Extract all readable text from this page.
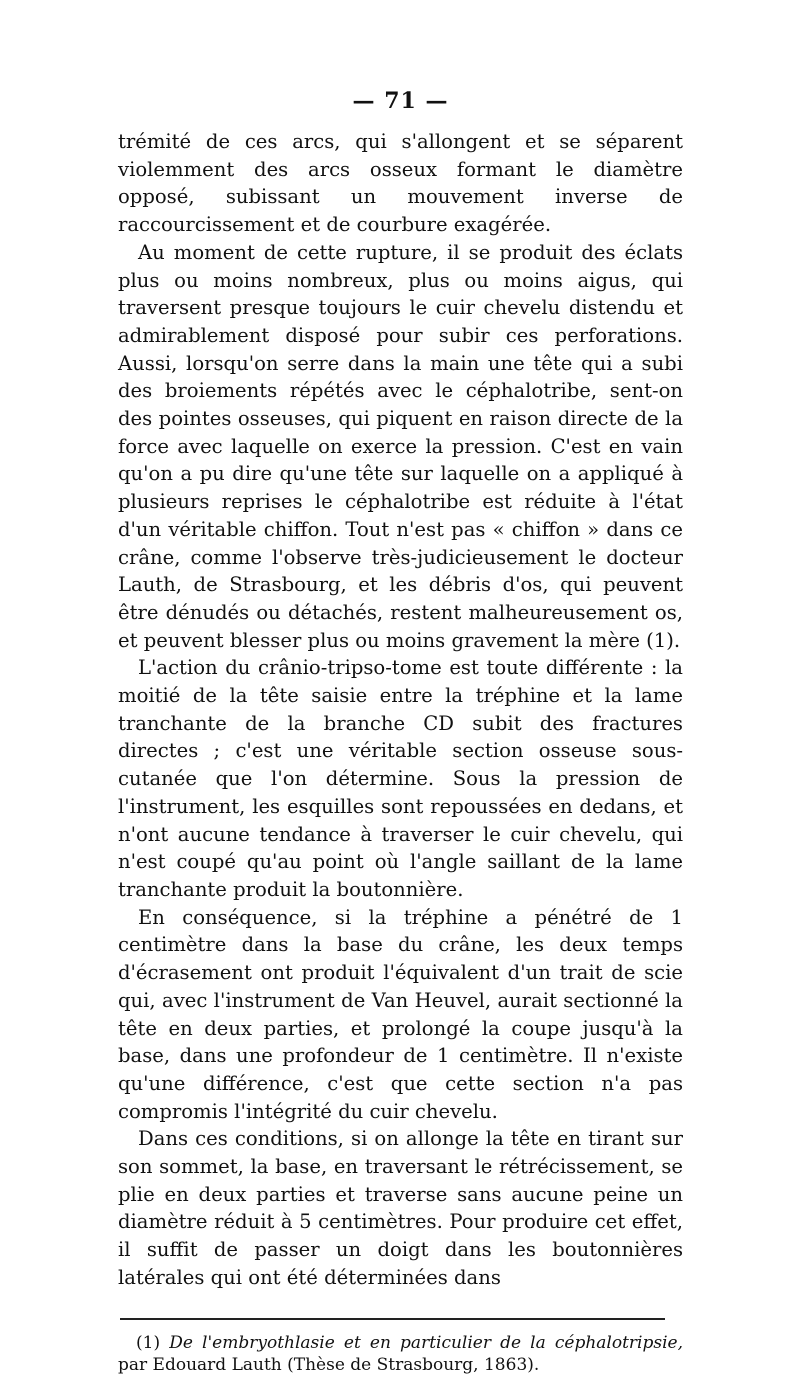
— 71 —

trémité de ces arcs, qui s'allongent et se séparent violemment des arcs osseux formant le diamètre opposé, subissant un mouvement inverse de raccourcissement et de courbure exagérée.

Au moment de cette rupture, il se produit des éclats plus ou moins nombreux, plus ou moins aigus, qui traversent presque toujours le cuir chevelu distendu et admirablement disposé pour subir ces perforations. Aussi, lorsqu'on serre dans la main une tête qui a subi des broiements répétés avec le céphalotribe, sent-on des pointes osseuses, qui piquent en raison directe de la force avec laquelle on exerce la pression. C'est en vain qu'on a pu dire qu'une tête sur laquelle on a appliqué à plusieurs reprises le céphalotribe est réduite à l'état d'un véritable chiffon. Tout n'est pas « chiffon » dans ce crâne, comme l'observe très-judicieusement le docteur Lauth, de Strasbourg, et les débris d'os, qui peuvent être dénudés ou détachés, restent malheureusement os, et peuvent blesser plus ou moins gravement la mère (1).

L'action du crânio-tripso-tome est toute différente : la moitié de la tête saisie entre la tréphine et la lame tranchante de la branche CD subit des fractures directes ; c'est une véritable section osseuse sous-cutanée que l'on détermine. Sous la pression de l'instrument, les esquilles sont repoussées en dedans, et n'ont aucune tendance à traverser le cuir chevelu, qui n'est coupé qu'au point où l'angle saillant de la lame tranchante produit la boutonnière.

En conséquence, si la tréphine a pénétré de 1 centimètre dans la base du crâne, les deux temps d'écrasement ont produit l'équivalent d'un trait de scie qui, avec l'instrument de Van Heuvel, aurait sectionné la tête en deux parties, et prolongé la coupe jusqu'à la base, dans une profondeur de 1 centimètre. Il n'existe qu'une différence, c'est que cette section n'a pas compromis l'intégrité du cuir chevelu.

Dans ces conditions, si on allonge la tête en tirant sur son sommet, la base, en traversant le rétrécissement, se plie en deux parties et traverse sans aucune peine un diamètre réduit à 5 centimètres. Pour produire cet effet, il suffit de passer un doigt dans les boutonnières latérales qui ont été déterminées dans

(1) De l'embryothlasie et en particulier de la céphalotripsie, par Edouard Lauth (Thèse de Strasbourg, 1863).
